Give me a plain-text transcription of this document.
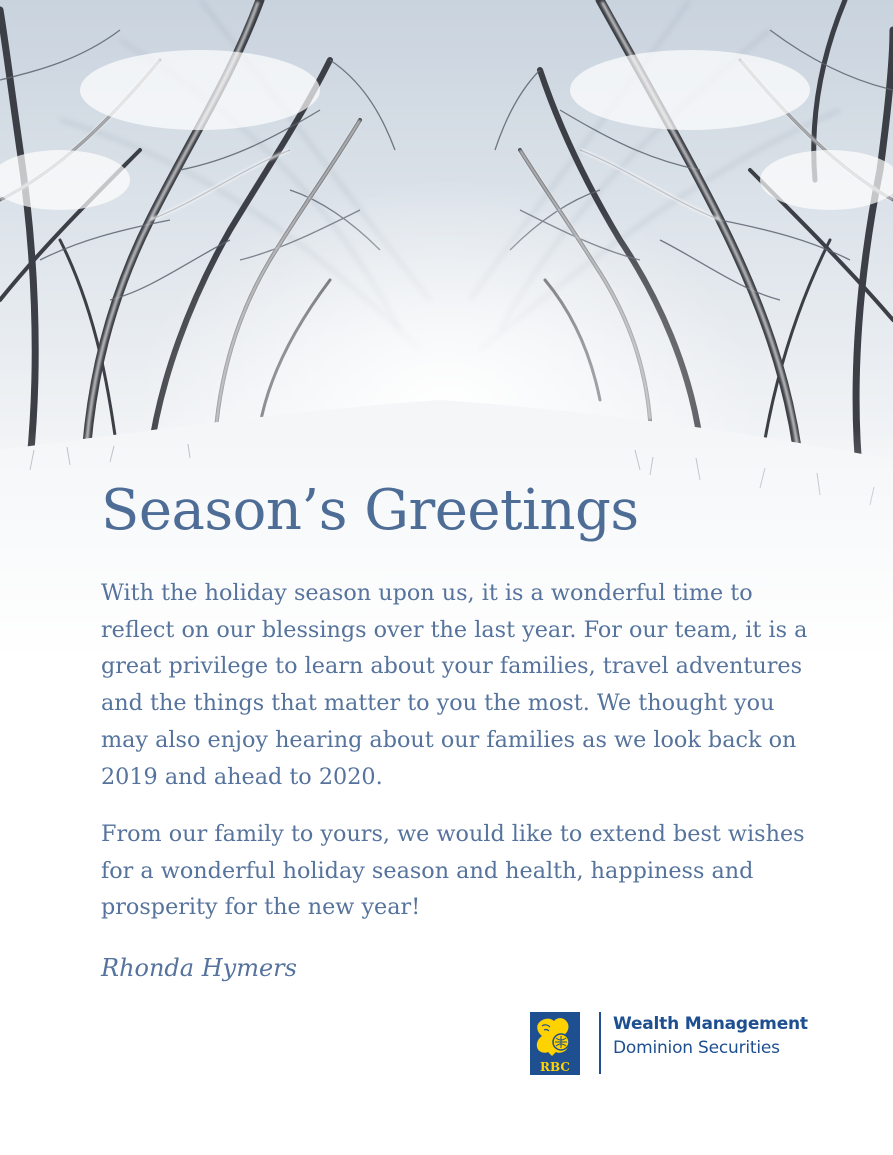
Season’s Greetings

With the holiday season upon us, it is a wonderful time to reflect on our blessings over the last year. For our team, it is a great privilege to learn about your families, travel adventures and the things that matter to you the most. We thought you may also enjoy hearing about our families as we look back on 2019 and ahead to 2020.

From our family to yours, we would like to extend best wishes for a wonderful holiday season and health, happiness and prosperity for the new year!

Rhonda Hymers

RBC
Wealth Management
Dominion Securities
